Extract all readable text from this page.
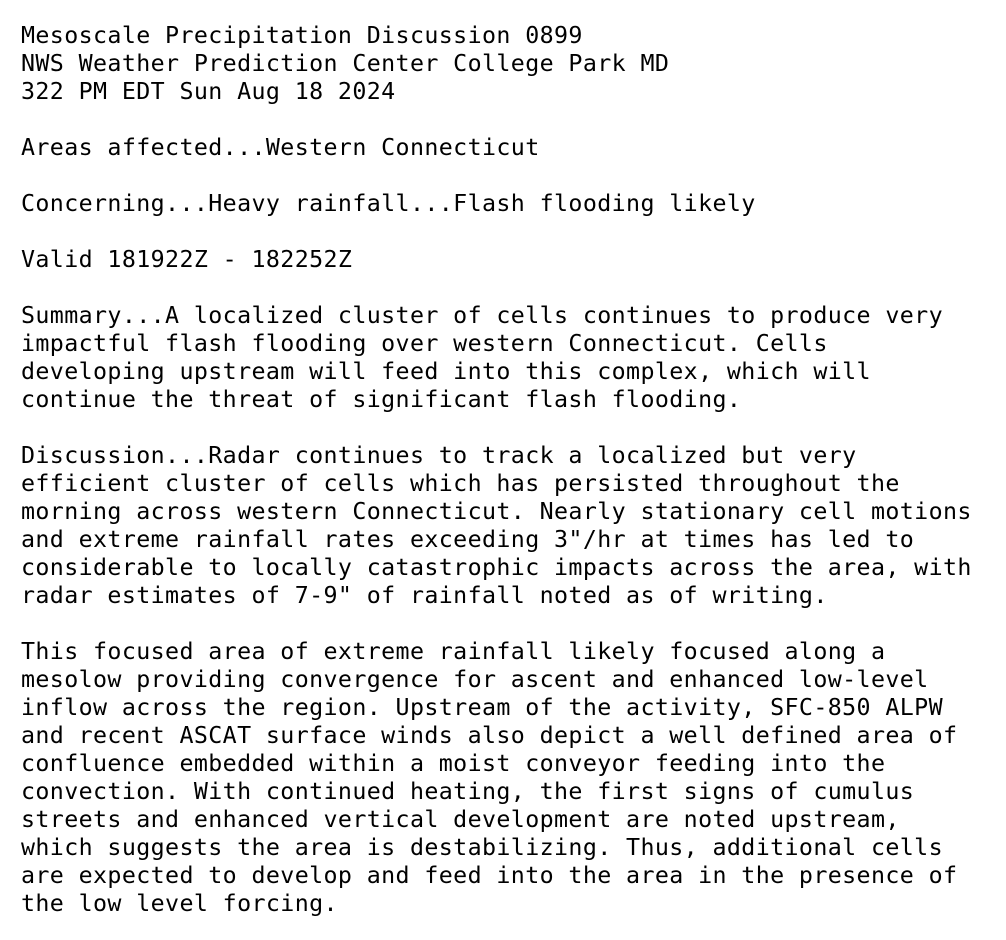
Mesoscale Precipitation Discussion 0899
NWS Weather Prediction Center College Park MD
322 PM EDT Sun Aug 18 2024
Areas affected...Western Connecticut
Concerning...Heavy rainfall...Flash flooding likely
Valid 181922Z - 182252Z
Summary...A localized cluster of cells continues to produce very
impactful flash flooding over western Connecticut. Cells
developing upstream will feed into this complex, which will
continue the threat of significant flash flooding.
Discussion...Radar continues to track a localized but very
efficient cluster of cells which has persisted throughout the
morning across western Connecticut. Nearly stationary cell motions
and extreme rainfall rates exceeding 3"/hr at times has led to
considerable to locally catastrophic impacts across the area, with
radar estimates of 7-9" of rainfall noted as of writing.
This focused area of extreme rainfall likely focused along a
mesolow providing convergence for ascent and enhanced low-level
inflow across the region. Upstream of the activity, SFC-850 ALPW
and recent ASCAT surface winds also depict a well defined area of
confluence embedded within a moist conveyor feeding into the
convection. With continued heating, the first signs of cumulus
streets and enhanced vertical development are noted upstream,
which suggests the area is destabilizing. Thus, additional cells
are expected to develop and feed into the area in the presence of
the low level forcing.
